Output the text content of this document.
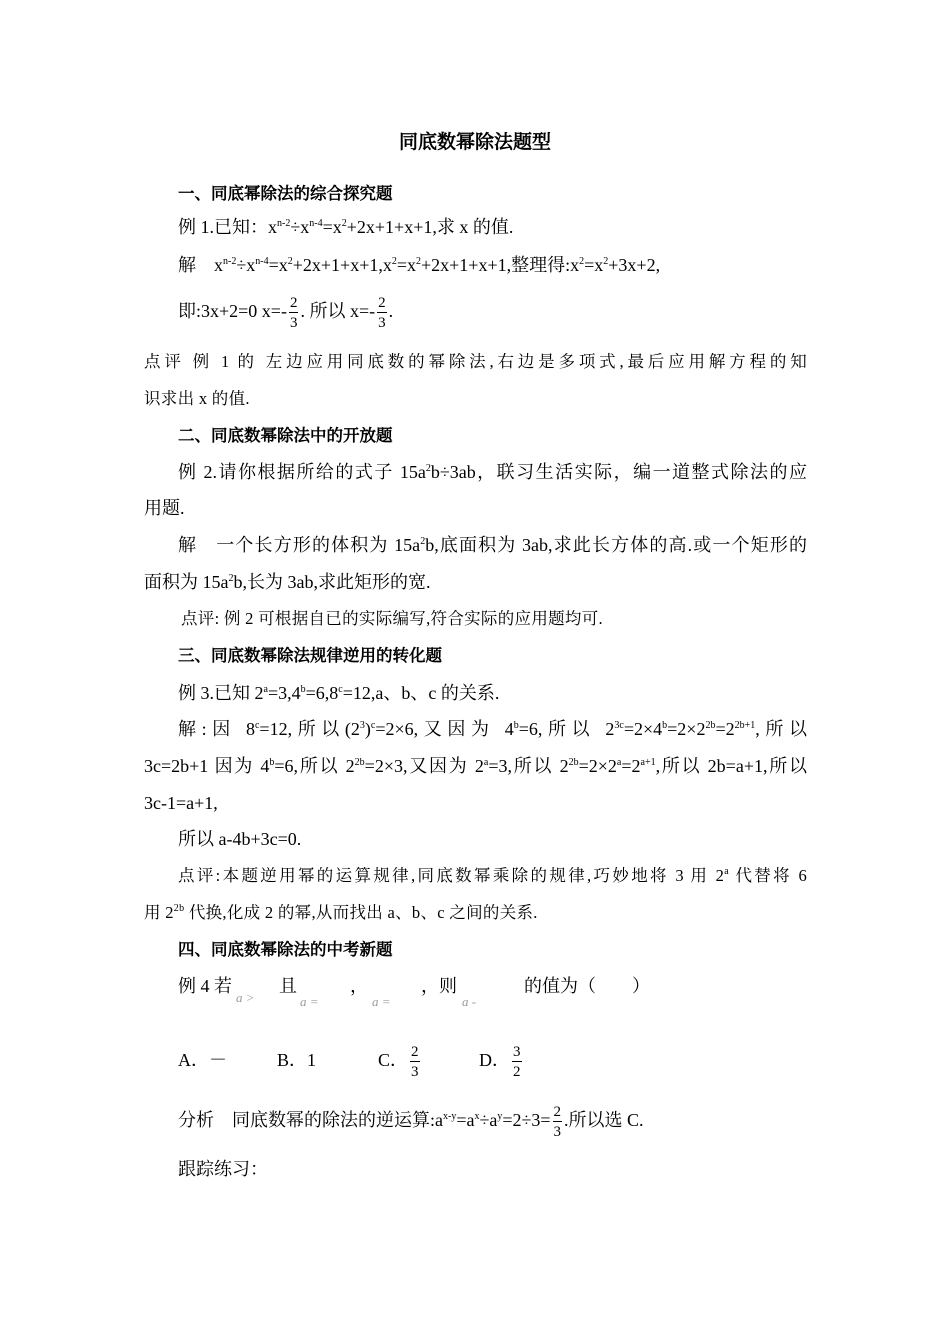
同底数幂除法题型
一、同底幂除法的综合探究题
例 1.已知：$x^{n-2}\div x^{n-4}=x^2+2x+1+x+1$,求 x 的值.
解　$x^{n-2}\div x^{n-4}=x^2+2x+1+x+1,x^2=x^2+2x+1+x+1$,整理得$:x^2=x^2+3x+2$,
即:3x+2=0 $x=- \frac{2}{3}$ . 所以 $x=- \frac{2}{3}$ .
点评 例 1 的 左边应用同底数的幂除法,右边是多项式,最后应用解方程的知
识求出 x 的值.
二、同底数幂除法中的开放题
例 2.请你根据所给的式子 $15a^2b\div 3ab$，联习生活实际，编一道整式除法的应
用题.
解　一个长方形的体积为 $15a^2b$,底面积为 3ab,求此长方体的高.或一个矩形的
面积为 $15a^2b$,长为 3ab,求此矩形的宽.
点评: 例 2 可根据自已的实际编写,符合实际的应用题均可.
三、同底数幂除法规律逆用的转化题
例 3.已知 $2^a=3,4^b=6,8^c=12,a$、b、c 的关系.
解:因 $8^c=12$,所以$(2^3)^c=2\times 6$,又因为 $4^b=6$,所以 $2^{3c}=2\times 4^b=2\times 2^{2b}=2^{2b+1}$,所以
3c=2b+1 因为 $4^b=6$,所以 $2^{2b}=2\times 3$,又因为 $2^a=3$,所以 $2^{2b}=2\times 2^a=2^{a+1}$,所以 2b=a+1,所以
3c-1=a+1,
所以 a-4b+3c=0.
点评:本题逆用幂的运算规律,同底数幂乘除的规律,巧妙地将 3 用 2$^a$ 代替将 6
用 $2^{2b}$ 代换,化成 2 的幂,从而找出 a、b、c 之间的关系.
四、同底数幂除法的中考新题
例 4 若
a >
且
a =
，
a =
，则
a -
的值为（　　）
A．－	B．1	C． $\frac{2}{3}$	D． $\frac{3}{2}$
分析　同底数幂的除法的逆运算$:a^{x-y}=a^x\div a^y=2\div 3= \frac{2}{3}$ .所以选 C.
跟踪练习：
